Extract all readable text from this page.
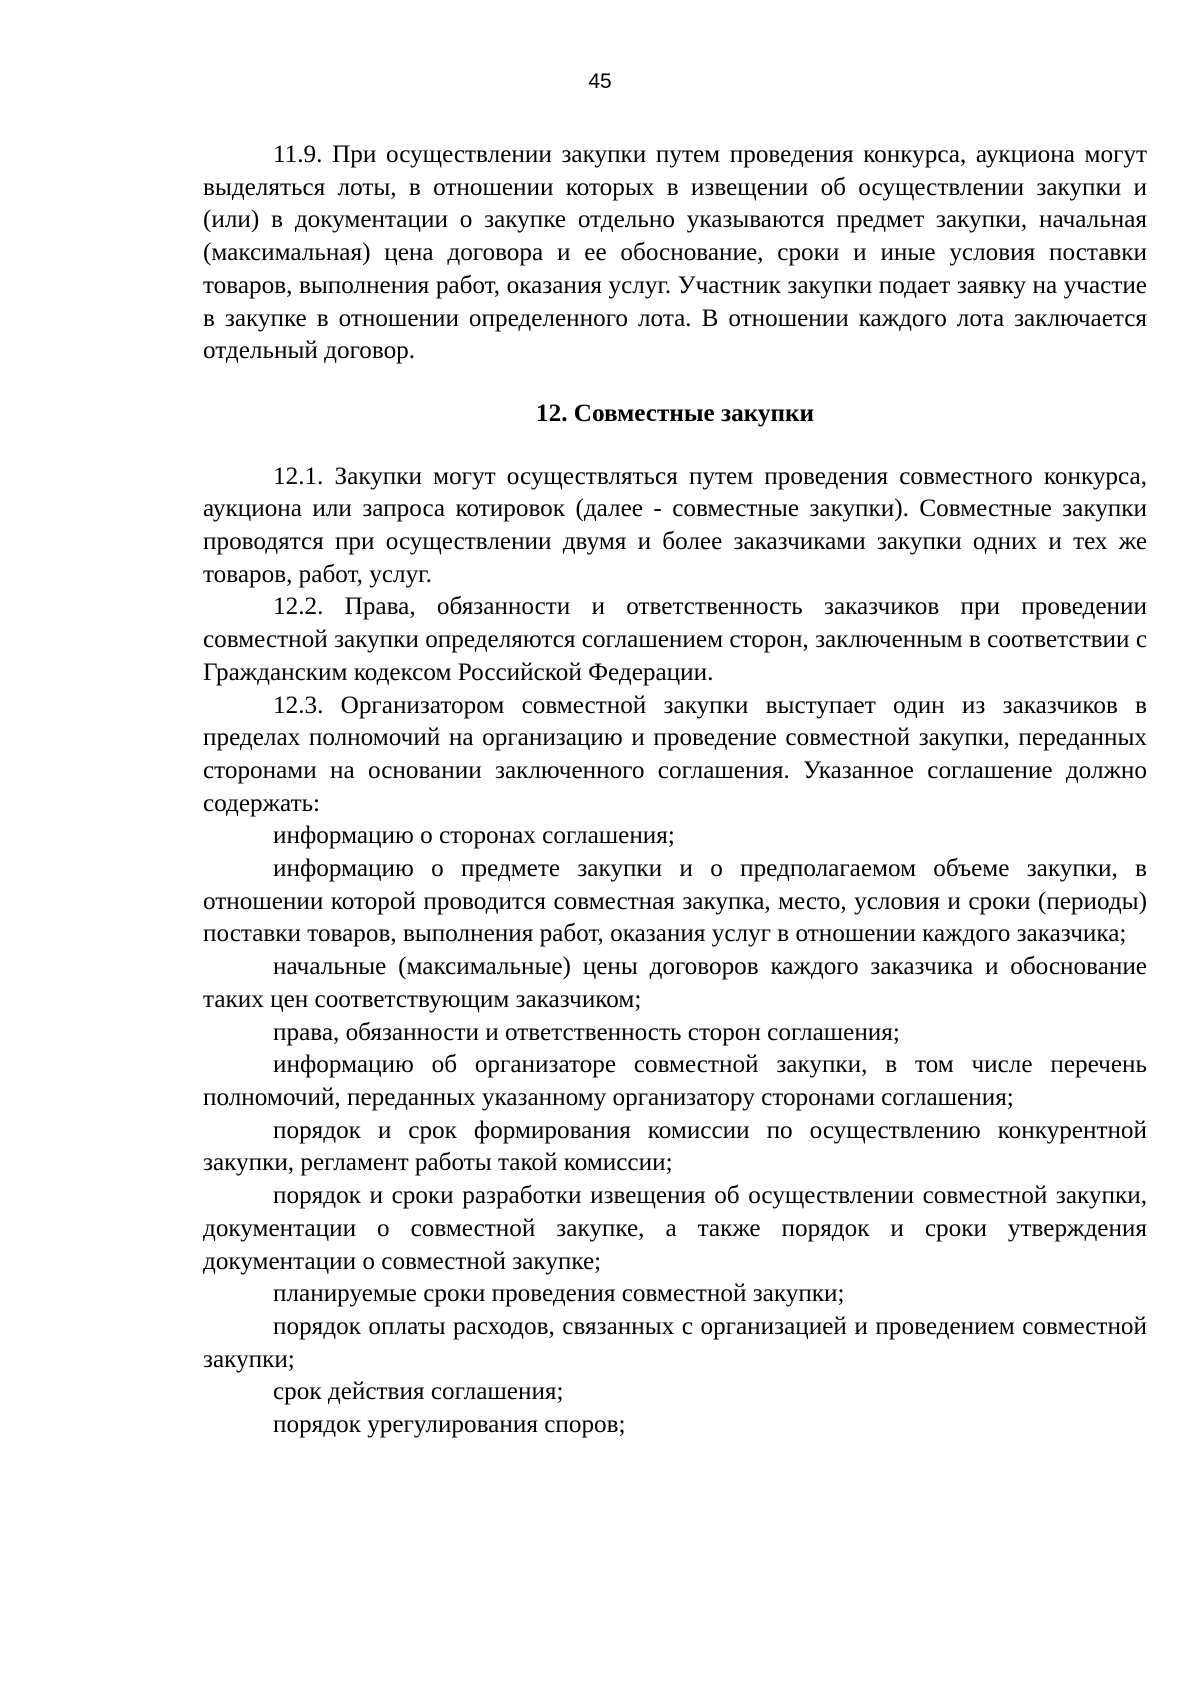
45

11.9. При осуществлении закупки путем проведения конкурса, аукциона могут выделяться лоты, в отношении которых в извещении об осуществлении закупки и (или) в документации о закупке отдельно указываются предмет закупки, начальная (максимальная) цена договора и ее обоснование, сроки и иные условия поставки товаров, выполнения работ, оказания услуг. Участник закупки подает заявку на участие в закупке в отношении определенного лота. В отношении каждого лота заключается отдельный договор.

12. Совместные закупки

12.1. Закупки могут осуществляться путем проведения совместного конкурса, аукциона или запроса котировок (далее - совместные закупки). Совместные закупки проводятся при осуществлении двумя и более заказчиками закупки одних и тех же товаров, работ, услуг.

12.2. Права, обязанности и ответственность заказчиков при проведении совместной закупки определяются соглашением сторон, заключенным в соответствии с Гражданским кодексом Российской Федерации.

12.3. Организатором совместной закупки выступает один из заказчиков в пределах полномочий на организацию и проведение совместной закупки, переданных сторонами на основании заключенного соглашения. Указанное соглашение должно содержать:

информацию о сторонах соглашения;

информацию о предмете закупки и о предполагаемом объеме закупки, в отношении которой проводится совместная закупка, место, условия и сроки (периоды) поставки товаров, выполнения работ, оказания услуг в отношении каждого заказчика;

начальные (максимальные) цены договоров каждого заказчика и обоснование таких цен соответствующим заказчиком;

права, обязанности и ответственность сторон соглашения;

информацию об организаторе совместной закупки, в том числе перечень полномочий, переданных указанному организатору сторонами соглашения;

порядок и срок формирования комиссии по осуществлению конкурентной закупки, регламент работы такой комиссии;

порядок и сроки разработки извещения об осуществлении совместной закупки, документации о совместной закупке, а также порядок и сроки утверждения документации о совместной закупке;

планируемые сроки проведения совместной закупки;

порядок оплаты расходов, связанных с организацией и проведением совместной закупки;

срок действия соглашения;

порядок урегулирования споров;
